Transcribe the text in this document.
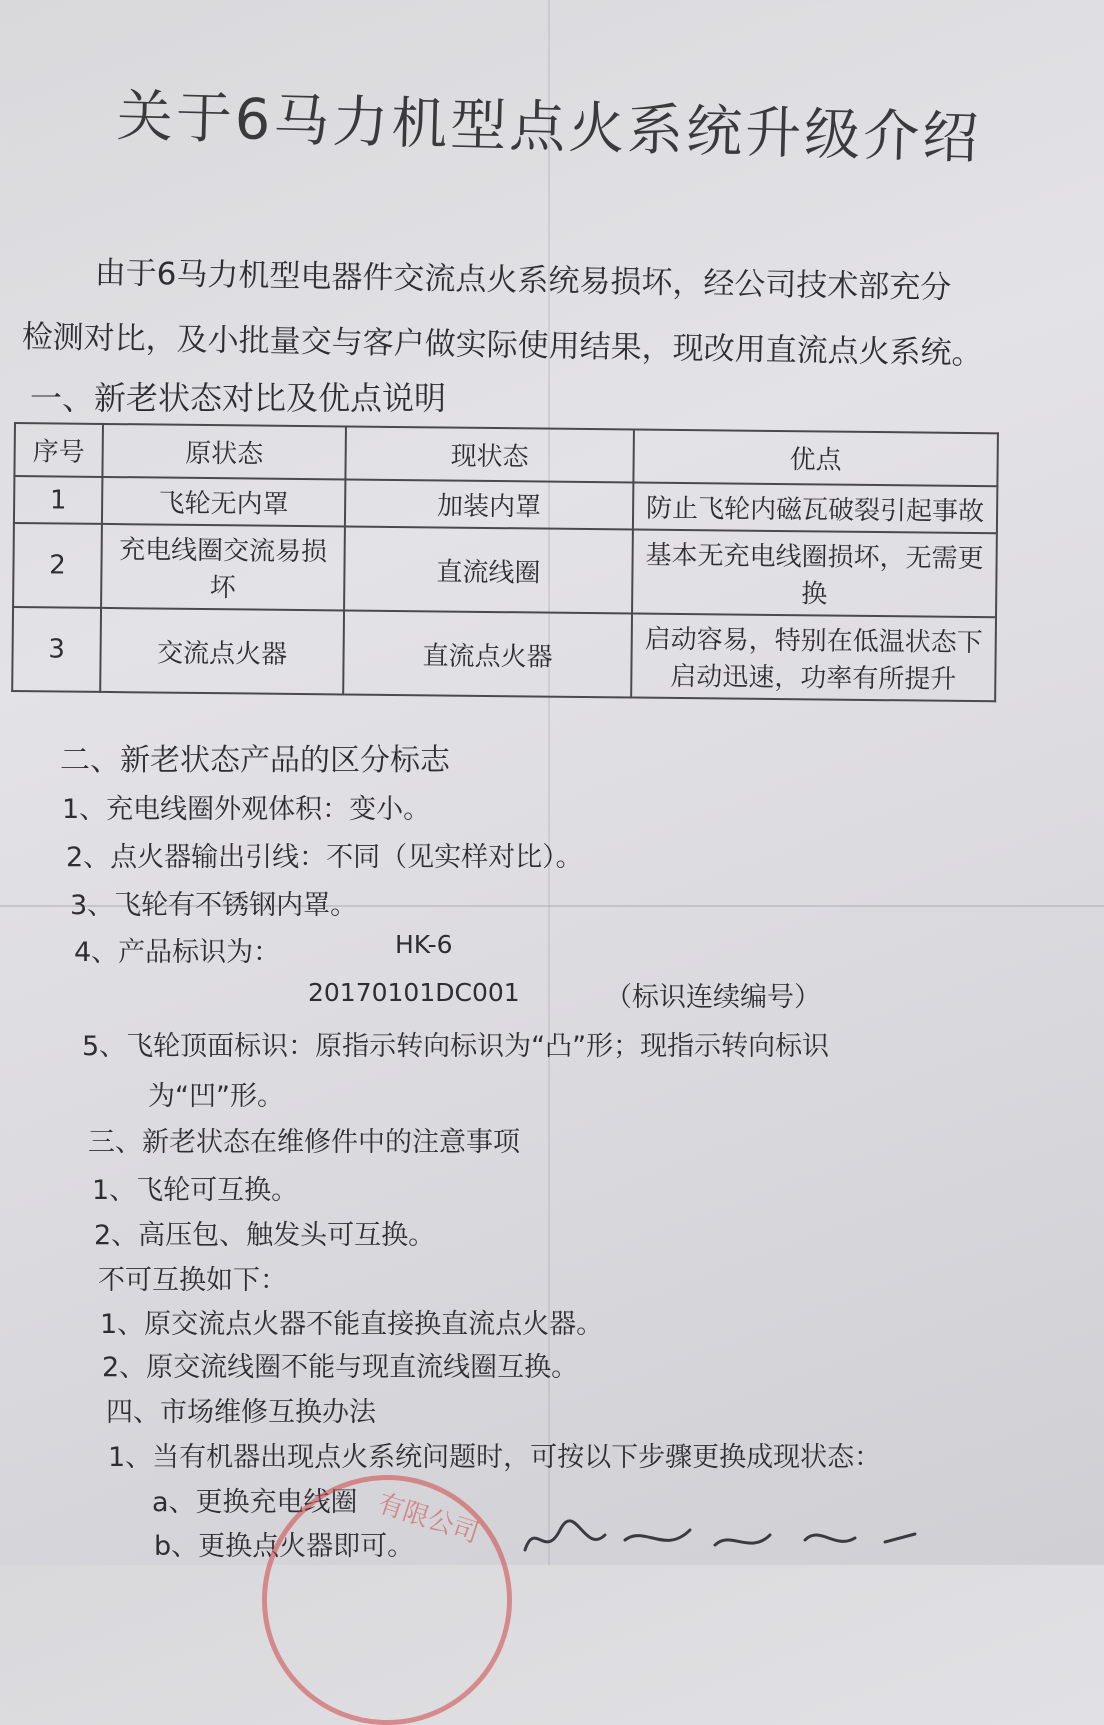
关于6马力机型点火系统升级介绍
由于6马力机型电器件交流点火系统易损坏，经公司技术部充分
检测对比，及小批量交与客户做实际使用结果，现改用直流点火系统。
一、新老状态对比及优点说明
序号	原状态	现状态	优点
1	飞轮无内罩	加装内罩	防止飞轮内磁瓦破裂引起事故
2	充电线圈交流易损坏	直流线圈	基本无充电线圈损坏，无需更换
3	交流点火器	直流点火器	启动容易，特别在低温状态下启动迅速，功率有所提升
二、新老状态产品的区分标志
1、充电线圈外观体积：变小。
2、点火器输出引线：不同（见实样对比）。
3、飞轮有不锈钢内罩。
4、产品标识为：	HK-6
20170101DC001	（标识连续编号）
5、飞轮顶面标识：原指示转向标识为“凸”形；现指示转向标识
为“凹”形。
三、新老状态在维修件中的注意事项
1、飞轮可互换。
2、高压包、触发头可互换。
不可互换如下：
1、原交流点火器不能直接换直流点火器。
2、原交流线圈不能与现直流线圈互换。
四、市场维修互换办法
1、当有机器出现点火系统问题时，可按以下步骤更换成现状态：
a、更换充电线圈
b、更换点火器即可。
有限公司
